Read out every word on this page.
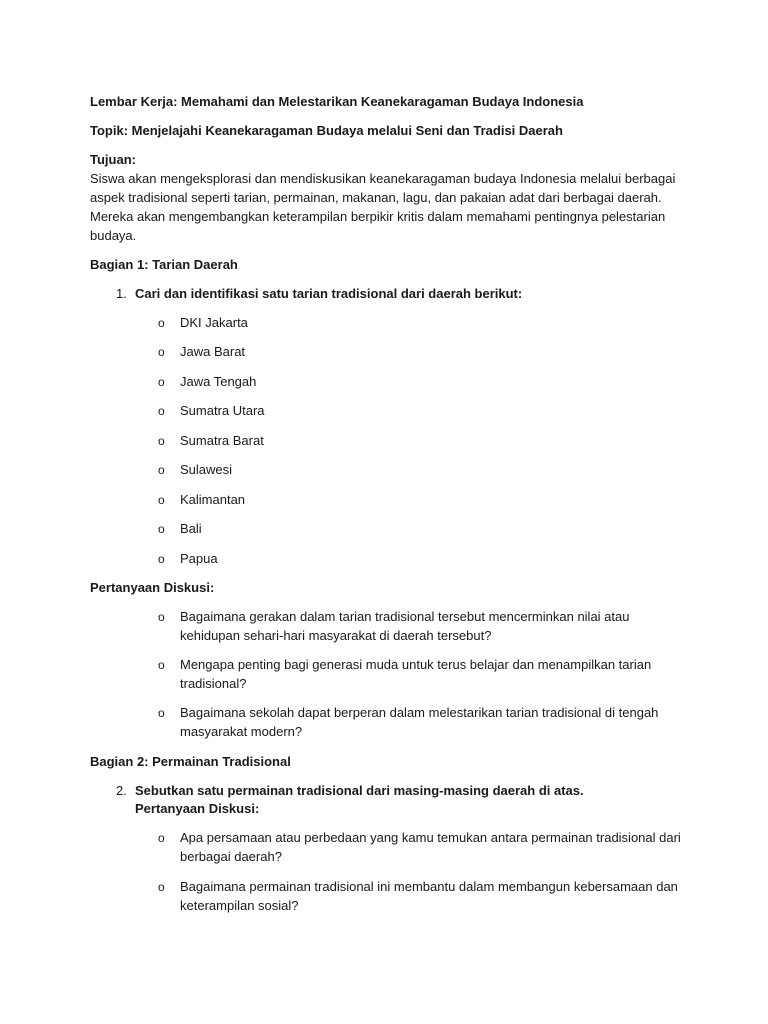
Lembar Kerja: Memahami dan Melestarikan Keanekaragaman Budaya Indonesia
Topik: Menjelajahi Keanekaragaman Budaya melalui Seni dan Tradisi Daerah
Tujuan:
Siswa akan mengeksplorasi dan mendiskusikan keanekaragaman budaya Indonesia melalui berbagai
aspek tradisional seperti tarian, permainan, makanan, lagu, dan pakaian adat dari berbagai daerah.
Mereka akan mengembangkan keterampilan berpikir kritis dalam memahami pentingnya pelestarian
budaya.
Bagian 1: Tarian Daerah
1. Cari dan identifikasi satu tarian tradisional dari daerah berikut:
o DKI Jakarta
o Jawa Barat
o Jawa Tengah
o Sumatra Utara
o Sumatra Barat
o Sulawesi
o Kalimantan
o Bali
o Papua
Pertanyaan Diskusi:
o Bagaimana gerakan dalam tarian tradisional tersebut mencerminkan nilai atau
kehidupan sehari-hari masyarakat di daerah tersebut?
o Mengapa penting bagi generasi muda untuk terus belajar dan menampilkan tarian
tradisional?
o Bagaimana sekolah dapat berperan dalam melestarikan tarian tradisional di tengah
masyarakat modern?
Bagian 2: Permainan Tradisional
2. Sebutkan satu permainan tradisional dari masing-masing daerah di atas.
Pertanyaan Diskusi:
o Apa persamaan atau perbedaan yang kamu temukan antara permainan tradisional dari
berbagai daerah?
o Bagaimana permainan tradisional ini membantu dalam membangun kebersamaan dan
keterampilan sosial?
